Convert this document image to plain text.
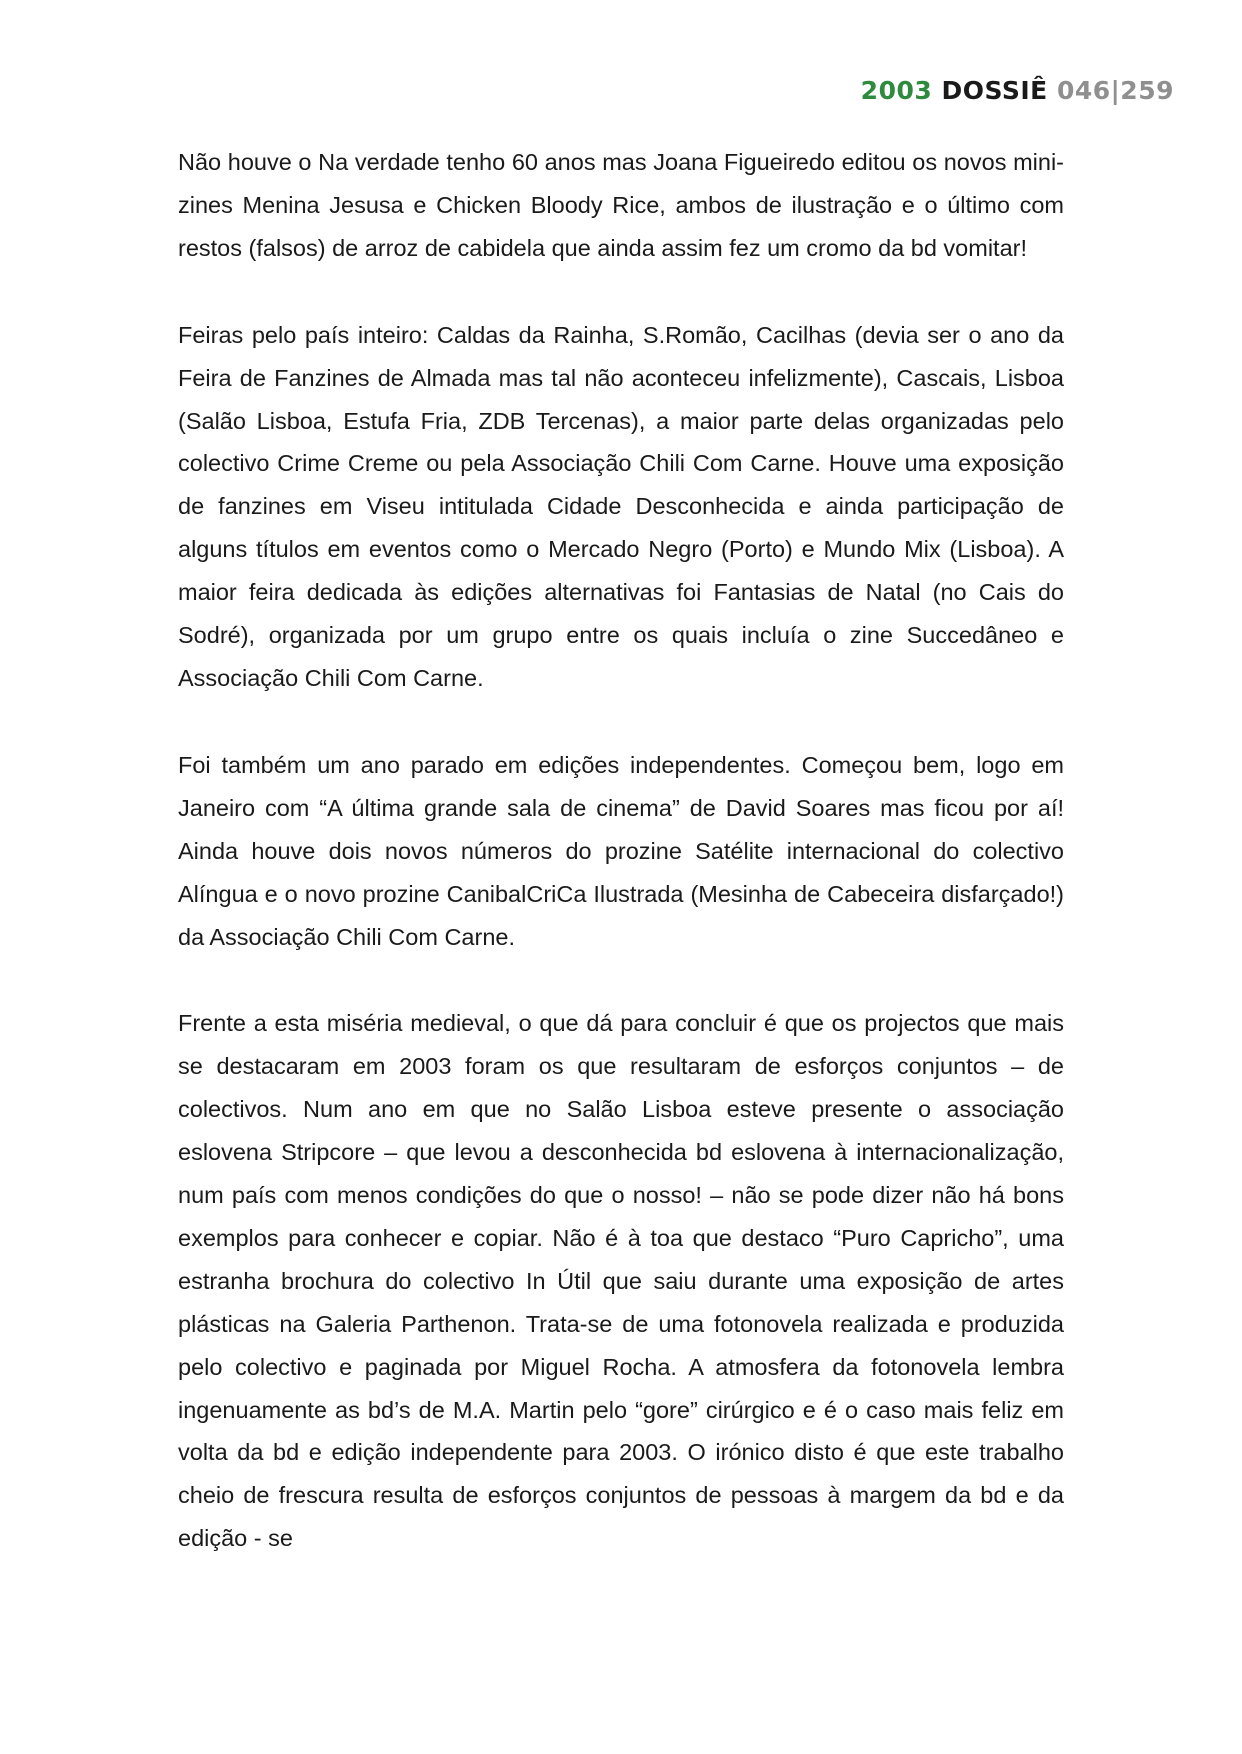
2003 DOSSIÊ 046|259

Não houve o Na verdade tenho 60 anos mas Joana Figueiredo editou os novos mini-zines Menina Jesusa e Chicken Bloody Rice, ambos de ilustração e o último com restos (falsos) de arroz de cabidela que ainda assim fez um cromo da bd vomitar!

Feiras pelo país inteiro: Caldas da Rainha, S.Romão, Cacilhas (devia ser o ano da Feira de Fanzines de Almada mas tal não aconteceu infelizmente), Cascais, Lisboa (Salão Lisboa, Estufa Fria, ZDB Tercenas), a maior parte delas organizadas pelo colectivo Crime Creme ou pela Associação Chili Com Carne. Houve uma exposição de fanzines em Viseu intitulada Cidade Desconhecida e ainda participação de alguns títulos em eventos como o Mercado Negro (Porto) e Mundo Mix (Lisboa). A maior feira dedicada às edições alternativas foi Fantasias de Natal (no Cais do Sodré), organizada por um grupo entre os quais incluía o zine Succedâneo e Associação Chili Com Carne.

Foi também um ano parado em edições independentes. Começou bem, logo em Janeiro com “A última grande sala de cinema” de David Soares mas ficou por aí! Ainda houve dois novos números do prozine Satélite internacional do colectivo Alíngua e o novo prozine CanibalCriCa Ilustrada (Mesinha de Cabeceira disfarçado!) da Associação Chili Com Carne.

Frente a esta miséria medieval, o que dá para concluir é que os projectos que mais se destacaram em 2003 foram os que resultaram de esforços conjuntos – de colectivos. Num ano em que no Salão Lisboa esteve presente o associação eslovena Stripcore – que levou a desconhecida bd eslovena à internacionalização, num país com menos condições do que o nosso! – não se pode dizer não há bons exemplos para conhecer e copiar. Não é à toa que destaco “Puro Capricho”, uma estranha brochura do colectivo In Útil que saiu durante uma exposição de artes plásticas na Galeria Parthenon. Trata-se de uma fotonovela realizada e produzida pelo colectivo e paginada por Miguel Rocha. A atmosfera da fotonovela lembra ingenuamente as bd’s de M.A. Martin pelo “gore” cirúrgico e é o caso mais feliz em volta da bd e edição independente para 2003. O irónico disto é que este trabalho cheio de frescura resulta de esforços conjuntos de pessoas à margem da bd e da edição - se
